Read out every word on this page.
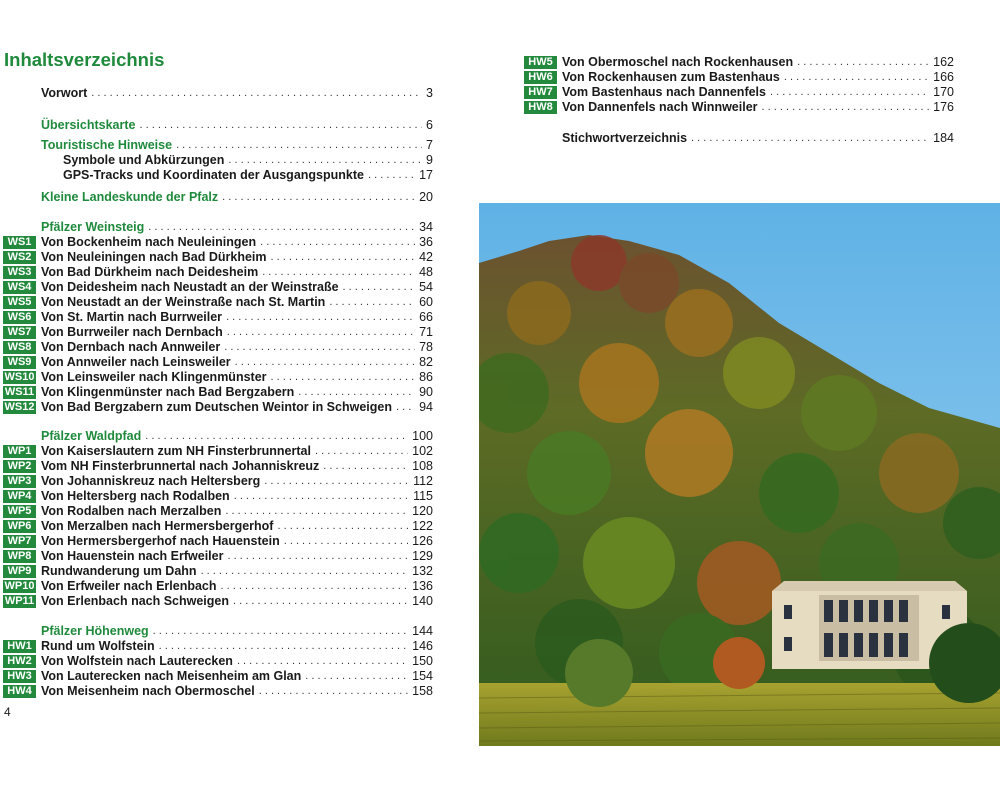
Inhaltsverzeichnis
Vorwort . . .	3
Übersichtskarte . . .	6
Touristische Hinweise . . .	7
Symbole und Abkürzungen . . .	9
GPS-Tracks und Koordinaten der Ausgangspunkte . . .	17
Kleine Landeskunde der Pfalz . . .	20
Pfälzer Weinsteig . . .	34
WS1 Von Bockenheim nach Neuleiningen . . .	36
WS2 Von Neuleiningen nach Bad Dürkheim . . .	42
WS3 Von Bad Dürkheim nach Deidesheim . . .	48
WS4 Von Deidesheim nach Neustadt an der Weinstraße . . .	54
WS5 Von Neustadt an der Weinstraße nach St. Martin . . .	60
WS6 Von St. Martin nach Burrweiler . . .	66
WS7 Von Burrweiler nach Dernbach . . .	71
WS8 Von Dernbach nach Annweiler . . .	78
WS9 Von Annweiler nach Leinsweiler . . .	82
WS10 Von Leinsweiler nach Klingenmünster . . .	86
WS11 Von Klingenmünster nach Bad Bergzabern . . .	90
WS12 Von Bad Bergzabern zum Deutschen Weintor in Schweigen . . . 94
Pfälzer Waldpfad . . .	100
WP1 Von Kaiserslautern zum NH Finsterbrunnertal . . .	102
WP2 Vom NH Finsterbrunnertal nach Johanniskreuz . . .	108
WP3 Von Johanniskreuz nach Heltersberg . . .	112
WP4 Von Heltersberg nach Rodalben . . .	115
WP5 Von Rodalben nach Merzalben . . .	120
WP6 Von Merzalben nach Hermersbergerhof . . .	122
WP7 Von Hermersbergerhof nach Hauenstein . . .	126
WP8 Von Hauenstein nach Erfweiler . . .	129
WP9 Rundwanderung um Dahn . . .	132
WP10 Von Erfweiler nach Erlenbach . . .	136
WP11 Von Erlenbach nach Schweigen . . .	140
Pfälzer Höhenweg . . .	144
HW1 Rund um Wolfstein . . .	146
HW2 Von Wolfstein nach Lauterecken . . .	150
HW3 Von Lauterecken nach Meisenheim am Glan . . .	154
HW4 Von Meisenheim nach Obermoschel . . .	158
HW5 Von Obermoschel nach Rockenhausen . . .	162
HW6 Von Rockenhausen zum Bastenhaus . . .	166
HW7 Vom Bastenhaus nach Dannenfels . . .	170
HW8 Von Dannenfels nach Winnweiler . . .	176
Stichwortverzeichnis . . .	184
4
